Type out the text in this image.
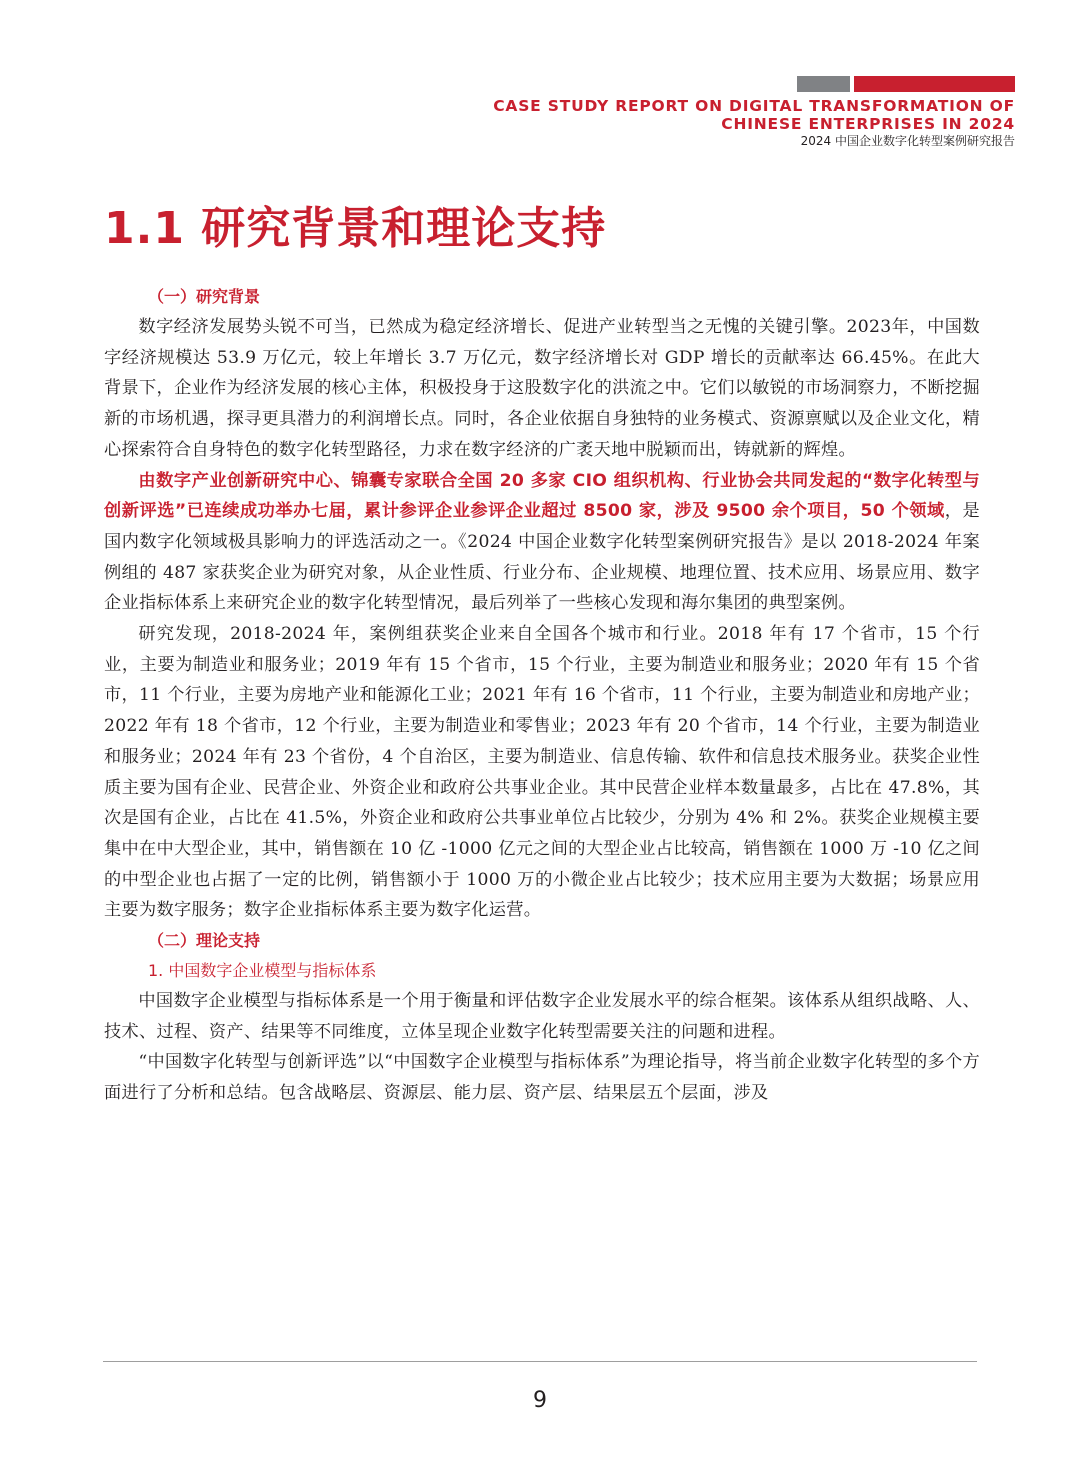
CASE STUDY REPORT ON DIGITAL TRANSFORMATION OF
CHINESE ENTERPRISES IN 2024
2024 中国企业数字化转型案例研究报告
1.1 研究背景和理论支持
（一）研究背景

数字经济发展势头锐不可当，已然成为稳定经济增长、促进产业转型当之无愧的关键引擎。2023年，中国数字经济规模达 53.9 万亿元，较上年增长 3.7 万亿元，数字经济增长对 GDP 增长的贡献率达 66.45%。在此大背景下，企业作为经济发展的核心主体，积极投身于这股数字化的洪流之中。它们以敏锐的市场洞察力，不断挖掘新的市场机遇，探寻更具潜力的利润增长点。同时，各企业依据自身独特的业务模式、资源禀赋以及企业文化，精心探索符合自身特色的数字化转型路径，力求在数字经济的广袤天地中脱颖而出，铸就新的辉煌。

由数字产业创新研究中心、锦囊专家联合全国 20 多家 CIO 组织机构、行业协会共同发起的“数字化转型与创新评选”已连续成功举办七届，累计参评企业参评企业超过 8500 家，涉及 9500 余个项目，50 个领域，是国内数字化领域极具影响力的评选活动之一。《2024 中国企业数字化转型案例研究报告》是以 2018-2024 年案例组的 487 家获奖企业为研究对象，从企业性质、行业分布、企业规模、地理位置、技术应用、场景应用、数字企业指标体系上来研究企业的数字化转型情况，最后列举了一些核心发现和海尔集团的典型案例。

研究发现，2018-2024 年，案例组获奖企业来自全国各个城市和行业。2018 年有 17 个省市，15 个行业，主要为制造业和服务业；2019 年有 15 个省市，15 个行业，主要为制造业和服务业；2020 年有 15 个省市，11 个行业，主要为房地产业和能源化工业；2021 年有 16 个省市，11 个行业，主要为制造业和房地产业；2022 年有 18 个省市，12 个行业，主要为制造业和零售业；2023 年有 20 个省市，14 个行业，主要为制造业和服务业；2024 年有 23 个省份，4 个自治区，主要为制造业、信息传输、软件和信息技术服务业。获奖企业性质主要为国有企业、民营企业、外资企业和政府公共事业企业。其中民营企业样本数量最多，占比在 47.8%，其次是国有企业，占比在 41.5%，外资企业和政府公共事业单位占比较少，分别为 4% 和 2%。获奖企业规模主要集中在中大型企业，其中，销售额在 10 亿 -1000 亿元之间的大型企业占比较高，销售额在 1000 万 -10 亿之间的中型企业也占据了一定的比例，销售额小于 1000 万的小微企业占比较少；技术应用主要为大数据；场景应用主要为数字服务；数字企业指标体系主要为数字化运营。

（二）理论支持
1. 中国数字企业模型与指标体系

中国数字企业模型与指标体系是一个用于衡量和评估数字企业发展水平的综合框架。该体系从组织战略、人、技术、过程、资产、结果等不同维度，立体呈现企业数字化转型需要关注的问题和进程。

“中国数字化转型与创新评选”以“中国数字企业模型与指标体系”为理论指导，将当前企业数字化转型的多个方面进行了分析和总结。包含战略层、资源层、能力层、资产层、结果层五个层面，涉及

9
